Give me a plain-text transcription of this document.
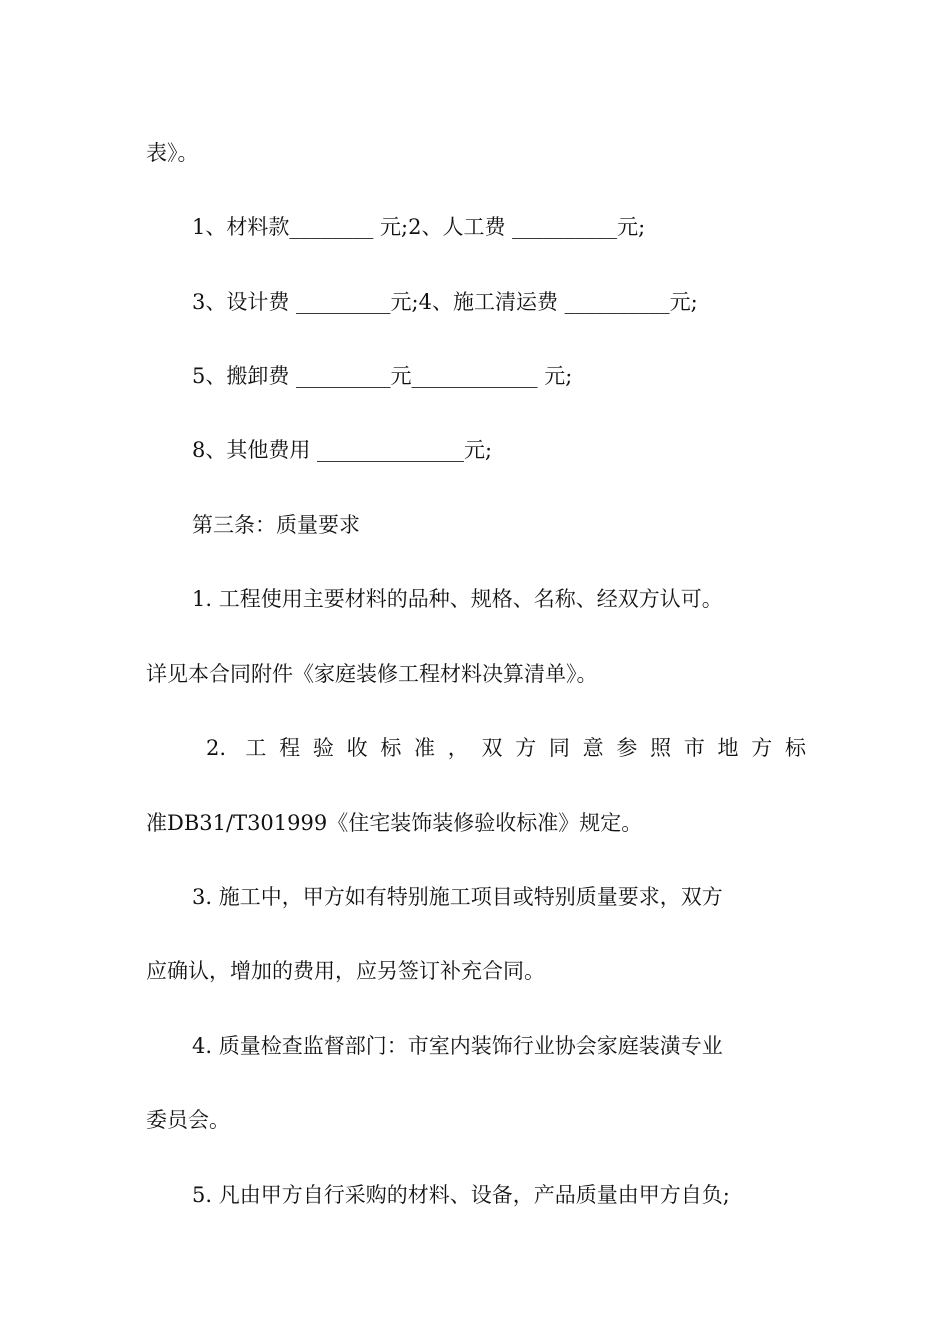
表》。
1、材料款________ 元;2、人工费 __________元;
3、设计费 _________元;4、施工清运费 __________元;
5、搬卸费 _________元____________ 元;
8、其他费用 ______________元;
第三条：质量要求
1. 工程使用主要材料的品种、规格、名称、经双方认可。
详见本合同附件《家庭装修工程材料决算清单》。
2. 工程验收标准，双方同意参照市地方标
准DB31/T301999《住宅装饰装修验收标准》规定。
3. 施工中，甲方如有特别施工项目或特别质量要求，双方
应确认，增加的费用，应另签订补充合同。
4. 质量检查监督部门：市室内装饰行业协会家庭装潢专业
委员会。
5. 凡由甲方自行采购的材料、设备，产品质量由甲方自负;
